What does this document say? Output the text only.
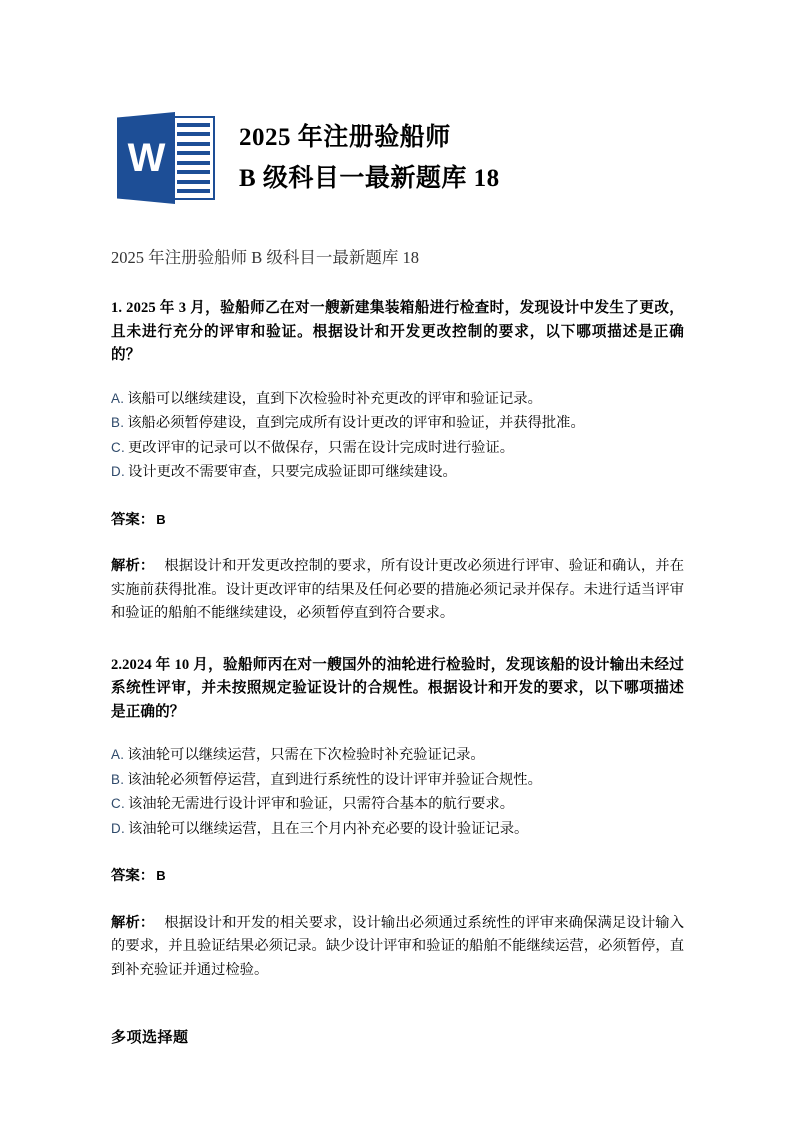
W	2025 年注册验船师
B 级科目一最新题库 18
2025 年注册验船师 B 级科目一最新题库 18
1. 2025 年 3 月，验船师乙在对一艘新建集装箱船进行检查时，发现设计中发生了更改，且未进行充分的评审和验证。根据设计和开发更改控制的要求，以下哪项描述是正确的？
A. 该船可以继续建设，直到下次检验时补充更改的评审和验证记录。
B. 该船必须暂停建设，直到完成所有设计更改的评审和验证，并获得批准。
C. 更改评审的记录可以不做保存，只需在设计完成时进行验证。
D. 设计更改不需要审查，只要完成验证即可继续建设。
答案： B
解析： 根据设计和开发更改控制的要求，所有设计更改必须进行评审、验证和确认，并在实施前获得批准。设计更改评审的结果及任何必要的措施必须记录并保存。未进行适当评审和验证的船舶不能继续建设，必须暂停直到符合要求。
2.2024 年 10 月，验船师丙在对一艘国外的油轮进行检验时，发现该船的设计输出未经过系统性评审，并未按照规定验证设计的合规性。根据设计和开发的要求，以下哪项描述是正确的？
A. 该油轮可以继续运营，只需在下次检验时补充验证记录。
B. 该油轮必须暂停运营，直到进行系统性的设计评审并验证合规性。
C. 该油轮无需进行设计评审和验证，只需符合基本的航行要求。
D. 该油轮可以继续运营，且在三个月内补充必要的设计验证记录。
答案： B
解析： 根据设计和开发的相关要求，设计输出必须通过系统性的评审来确保满足设计输入的要求，并且验证结果必须记录。缺少设计评审和验证的船舶不能继续运营，必须暂停，直到补充验证并通过检验。
多项选择题
